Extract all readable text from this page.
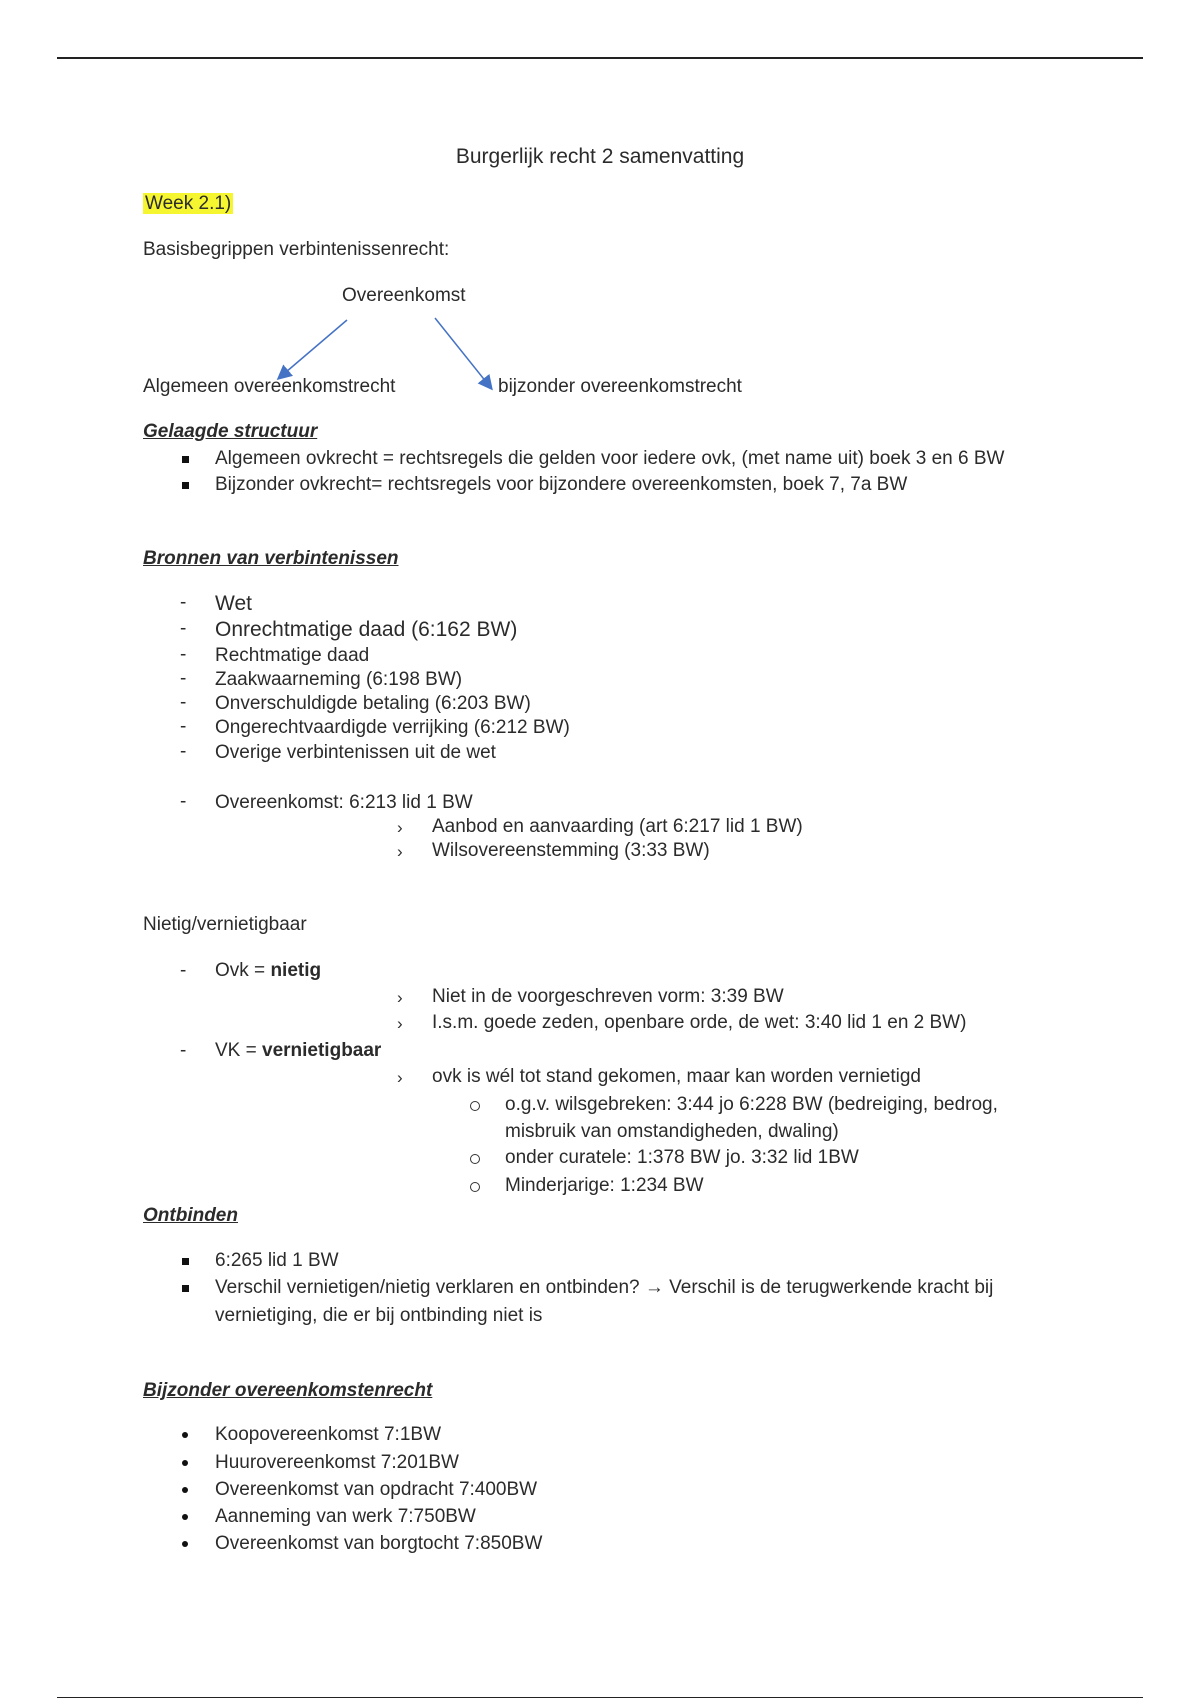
Burgerlijk recht 2 samenvatting
Week 2.1)
Basisbegrippen verbintenissenrecht:
Overeenkomst
Algemeen overeenkomstrecht	bijzonder overeenkomstrecht
Gelaagde structuur
Algemeen ovkrecht = rechtsregels die gelden voor iedere ovk, (met name uit) boek 3 en 6 BW
Bijzonder ovkrecht= rechtsregels voor bijzondere overeenkomsten, boek 7, 7a BW
Bronnen van verbintenissen
- Wet
- Onrechtmatige daad (6:162 BW)
- Rechtmatige daad
- Zaakwaarneming (6:198 BW)
- Onverschuldigde betaling (6:203 BW)
- Ongerechtvaardigde verrijking (6:212 BW)
- Overige verbintenissen uit de wet
- Overeenkomst: 6:213 lid 1 BW
› Aanbod en aanvaarding (art 6:217 lid 1 BW)
› Wilsovereenstemming (3:33 BW)
Nietig/vernietigbaar
- Ovk = nietig
› Niet in de voorgeschreven vorm: 3:39 BW
› I.s.m. goede zeden, openbare orde, de wet: 3:40 lid 1 en 2 BW)
- VK = vernietigbaar
› ovk is wél tot stand gekomen, maar kan worden vernietigd
o.g.v. wilsgebreken: 3:44 jo 6:228 BW (bedreiging, bedrog,
misbruik van omstandigheden, dwaling)
onder curatele: 1:378 BW jo. 3:32 lid 1BW
Minderjarige: 1:234 BW
Ontbinden
6:265 lid 1 BW
Verschil vernietigen/nietig verklaren en ontbinden? → Verschil is de terugwerkende kracht bij
vernietiging, die er bij ontbinding niet is
Bijzonder overeenkomstenrecht
Koopovereenkomst 7:1BW
Huurovereenkomst 7:201BW
Overeenkomst van opdracht 7:400BW
Aanneming van werk 7:750BW
Overeenkomst van borgtocht 7:850BW
